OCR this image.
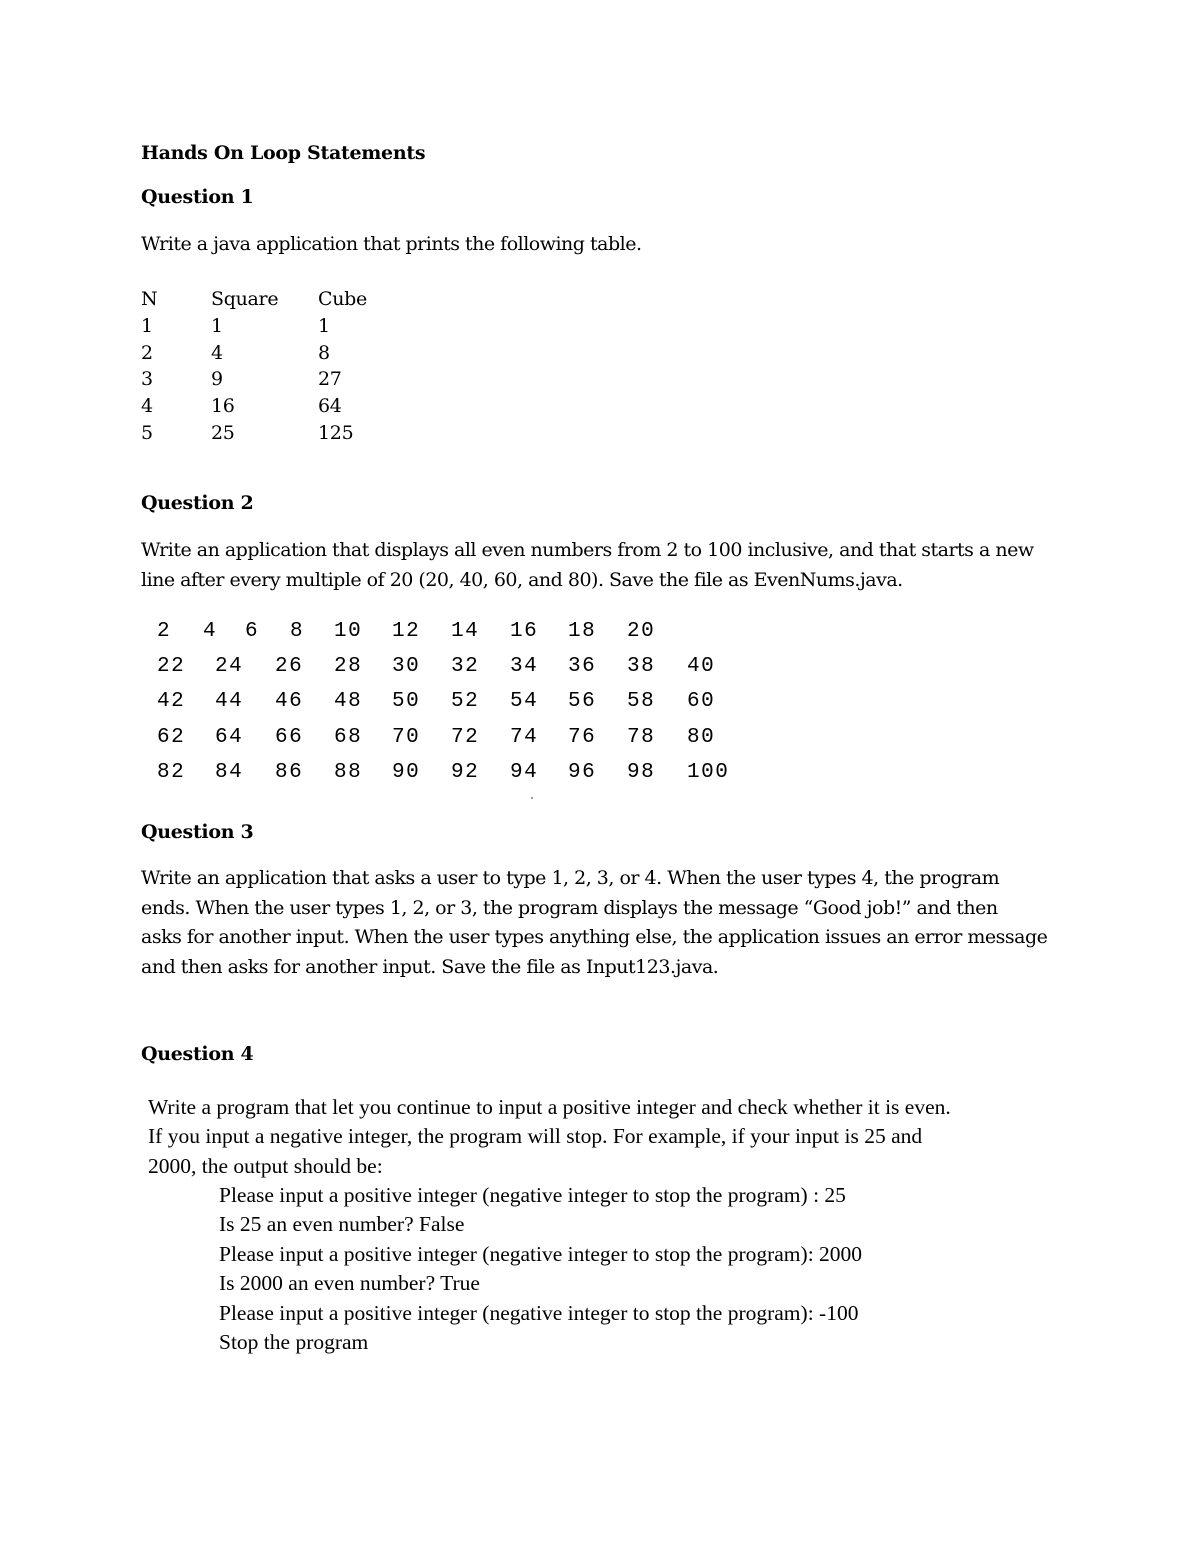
Hands On Loop Statements
Question 1
Write a java application that prints the following table.
N	Square Cube
1	1	1
2	4	8
3	9	27
4	16	64
5	25	125
Question 2
Write an application that displays all even numbers from 2 to 100 inclusive, and that starts a new
line after every multiple of 20 (20, 40, 60, and 80). Save the file as EvenNums.java.
2 4 6 8 10 12 14 16 18 20
22 24 26 28 30 32 34 36 38 40
42 44 46 48 50 52 54 56 58 60
62 64 66 68 70 72 74 76 78 80
82 84 86 88 90 92 94 96 98 100
Question 3
Write an application that asks a user to type 1, 2, 3, or 4. When the user types 4, the program
ends. When the user types 1, 2, or 3, the program displays the message “Good job!” and then
asks for another input. When the user types anything else, the application issues an error message
and then asks for another input. Save the file as Input123.java.
Question 4
Write a program that let you continue to input a positive integer and check whether it is even.
If you input a negative integer, the program will stop. For example, if your input is 25 and
2000, the output should be:
Please input a positive integer (negative integer to stop the program) : 25
Is 25 an even number? False
Please input a positive integer (negative integer to stop the program): 2000
Is 2000 an even number? True
Please input a positive integer (negative integer to stop the program): -100
Stop the program
